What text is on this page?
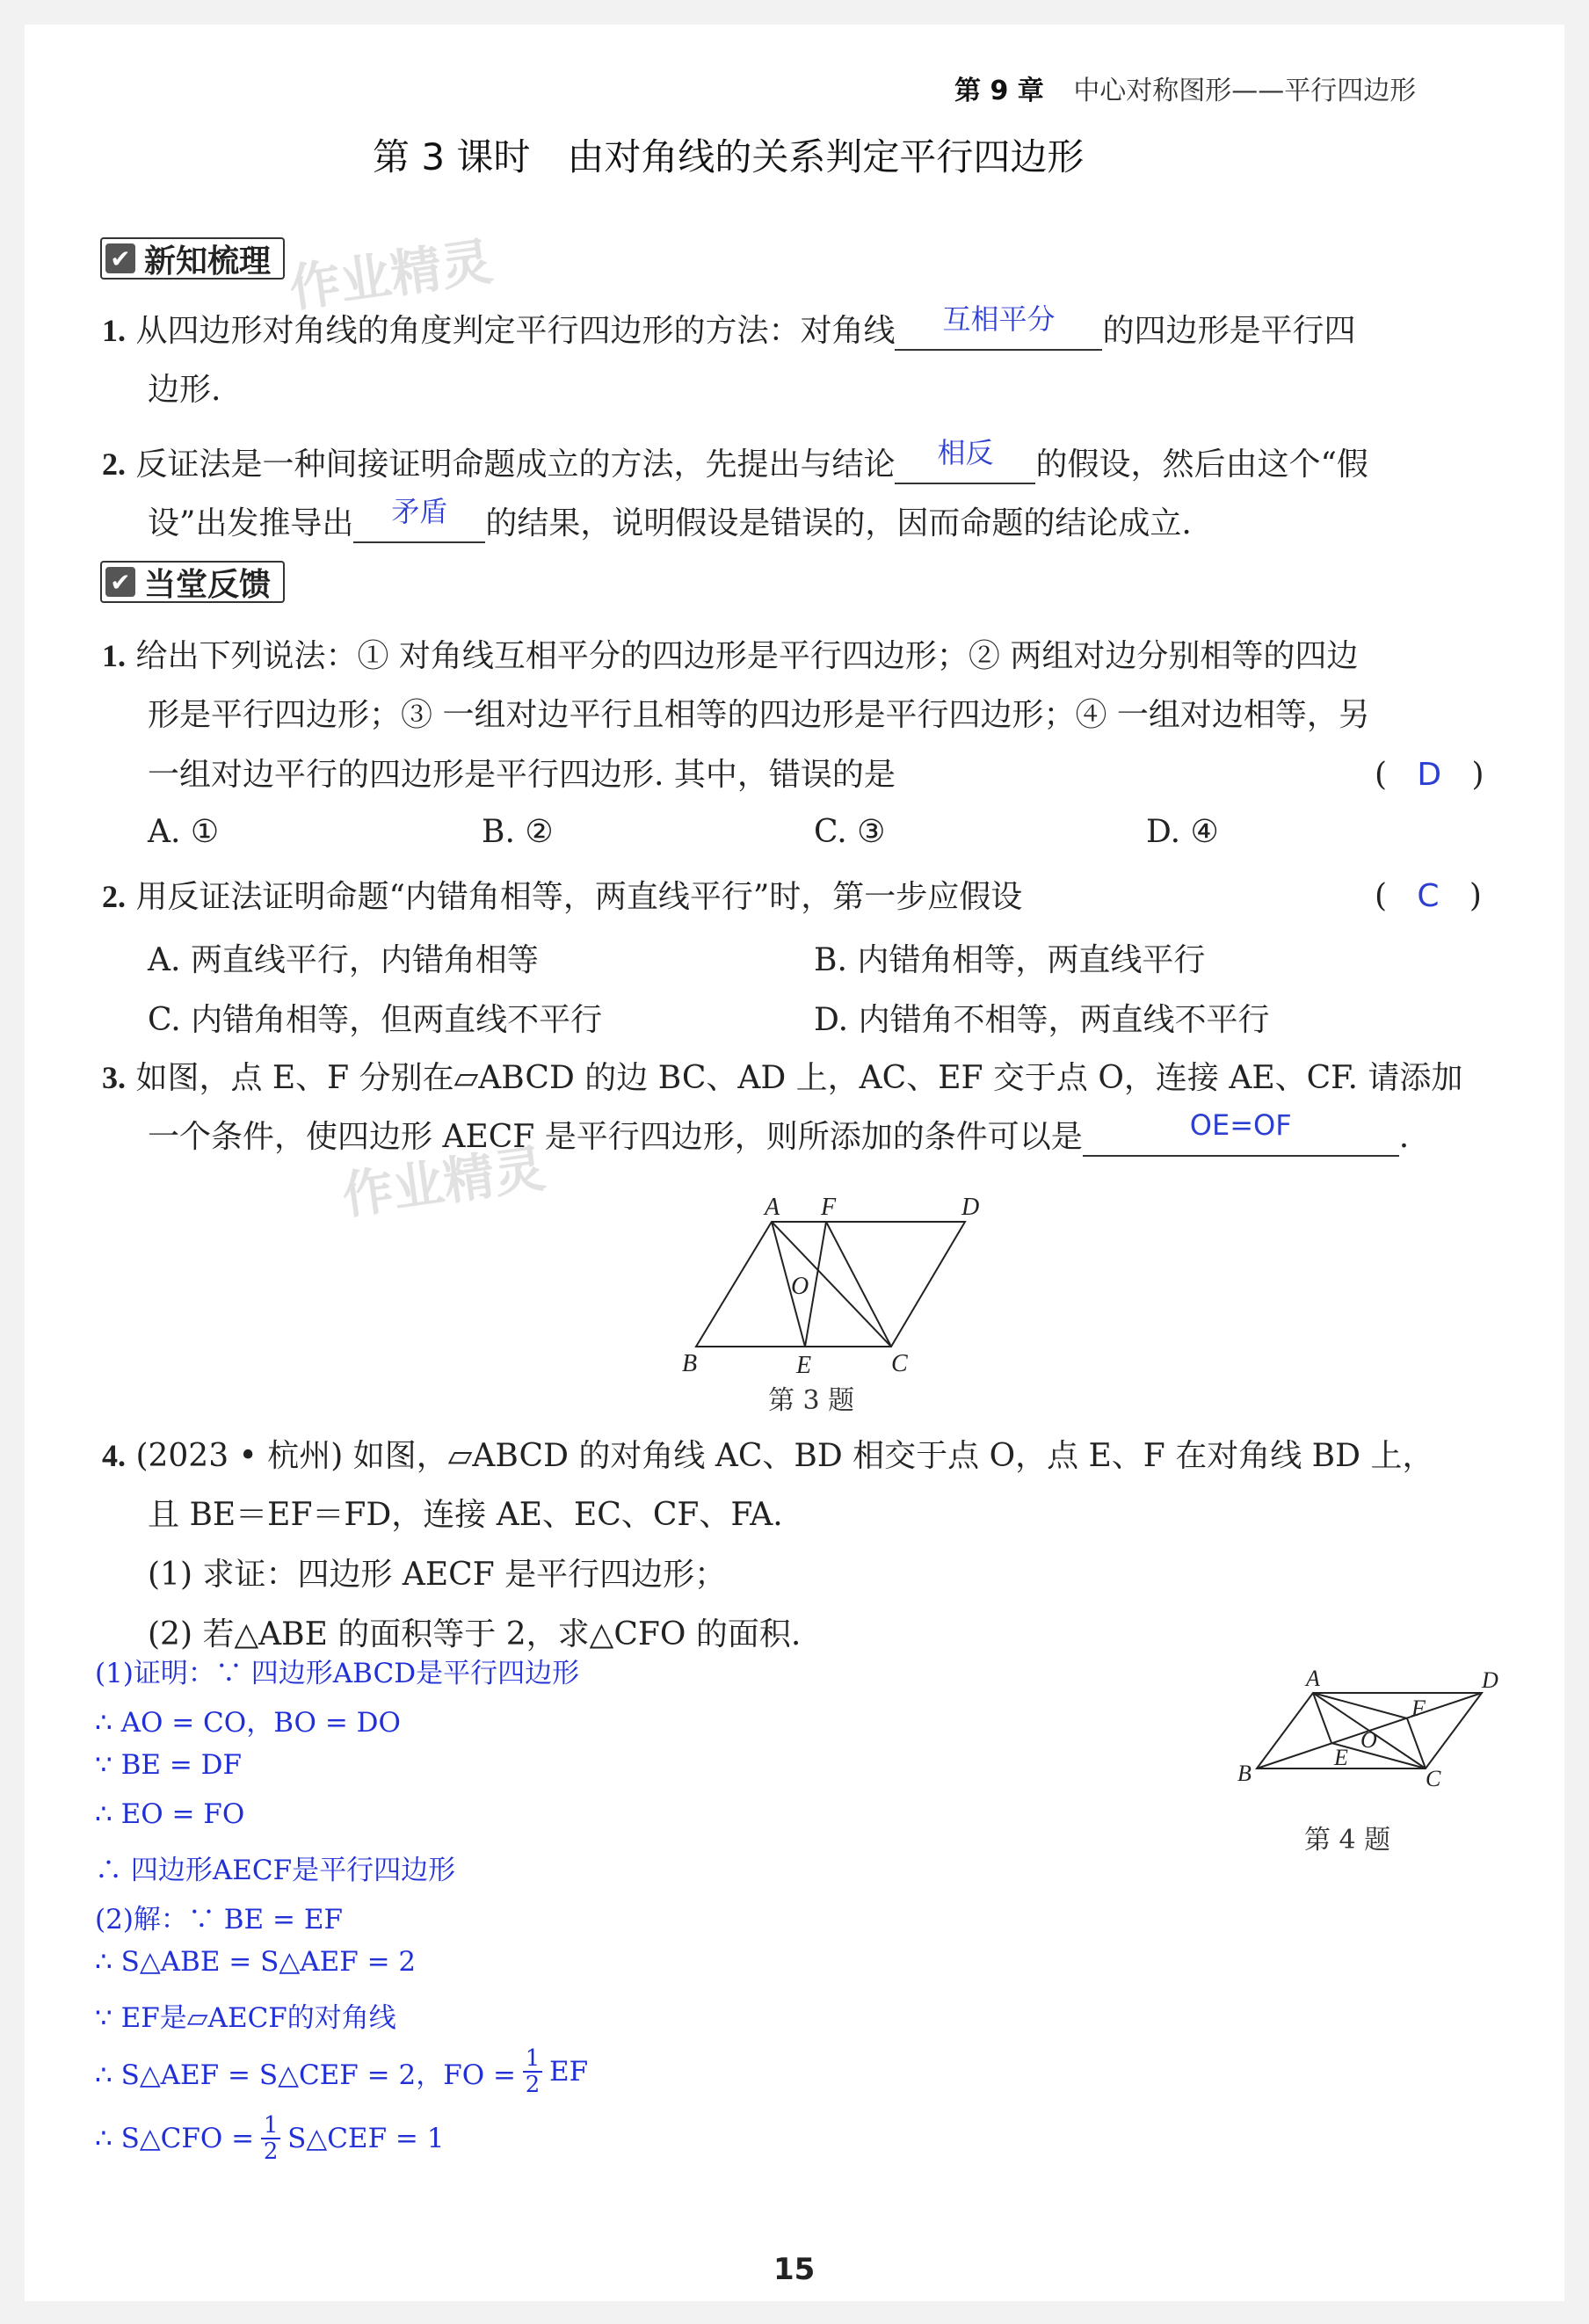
第 9 章 中心对称图形——平行四边形
第 3 课时　由对角线的关系判定平行四边形
✔ 新知梳理 作业精灵
1. 从四边形对角线的角度判定平行四边形的方法：对角线 互相平分 的四边形是平行四
边形.
2. 反证法是一种间接证明命题成立的方法，先提出与结论 相反 的假设，然后由这个“假
设”出发推导出 矛盾 的结果，说明假设是错误的，因而命题的结论成立.
✔ 当堂反馈
1. 给出下列说法：① 对角线互相平分的四边形是平行四边形；② 两组对边分别相等的四边
形是平行四边形；③ 一组对边平行且相等的四边形是平行四边形；④ 一组对边相等，另
一组对边平行的四边形是平行四边形. 其中，错误的是	(   D   )
A. ①	B. ②	C. ③	D. ④
2. 用反证法证明命题“内错角相等，两直线平行”时，第一步应假设	(   C   )
A. 两直线平行，内错角相等	B. 内错角相等，两直线平行
C. 内错角相等，但两直线不平行	D. 内错角不相等，两直线不平行
3. 如图，点 E、F 分别在▱ABCD 的边 BC、AD 上，AC、EF 交于点 O，连接 AE、CF. 请添加
一个条件，使四边形 AECF 是平行四边形，则所添加的条件可以是	OE=OF	.
作业精灵	A F	D
O
B	E	C
第 3 题
4. (2023 • 杭州) 如图，▱ABCD 的对角线 AC、BD 相交于点 O，点 E、F 在对角线 BD 上，
且 BE＝EF＝FD，连接 AE、EC、CF、FA.
(1) 求证：四边形 AECF 是平行四边形；
(2) 若△ABE 的面积等于 2，求△CFO 的面积.
A	D
F
O
E
B	C
第 4 题
(1)证明：∵ 四边形ABCD是平行四边形
∴ AO = CO，BO = DO
∵ BE = DF
∴ EO = FO
∴ 四边形AECF是平行四边形
(2)解：∵ BE = EF
∴ S△ABE = S△AEF = 2
∵ EF是▱AECF的对角线
∴ S△AEF = S△CEF = 2，FO =
1
2 EF
∴ S△CFO = 1
2 S△CEF = 1
15
